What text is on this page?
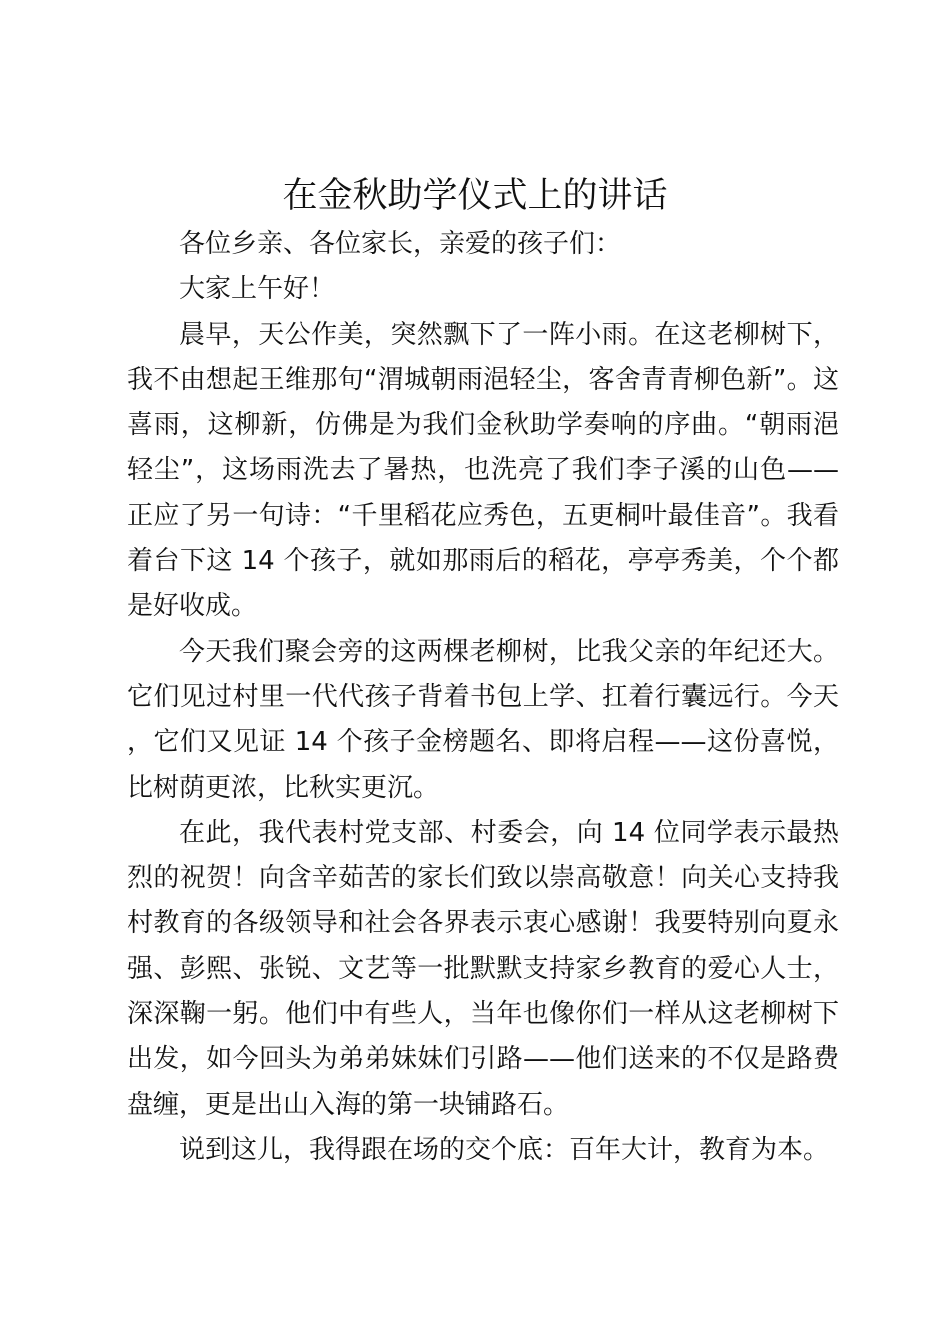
在金秋助学仪式上的讲话

各位乡亲、各位家长，亲爱的孩子们：

大家上午好！

晨早，天公作美，突然飘下了一阵小雨。在这老柳树下，我不由想起王维那句“渭城朝雨浥轻尘，客舍青青柳色新”。这喜雨，这柳新，仿佛是为我们金秋助学奏响的序曲。“朝雨浥轻尘”，这场雨洗去了暑热，也洗亮了我们李子溪的山色——正应了另一句诗：“千里稻花应秀色，五更桐叶最佳音”。我看着台下这 14 个孩子，就如那雨后的稻花，亭亭秀美，个个都是好收成。

今天我们聚会旁的这两棵老柳树，比我父亲的年纪还大。它们见过村里一代代孩子背着书包上学、扛着行囊远行。今天，它们又见证 14 个孩子金榜题名、即将启程——这份喜悦，比树荫更浓，比秋实更沉。

在此，我代表村党支部、村委会，向 14 位同学表示最热烈的祝贺！向含辛茹苦的家长们致以崇高敬意！向关心支持我村教育的各级领导和社会各界表示衷心感谢！我要特别向夏永强、彭熙、张锐、文艺等一批默默支持家乡教育的爱心人士，深深鞠一躬。他们中有些人，当年也像你们一样从这老柳树下出发，如今回头为弟弟妹妹们引路——他们送来的不仅是路费盘缠，更是出山入海的第一块铺路石。

说到这儿，我得跟在场的交个底：百年大计，教育为本。
